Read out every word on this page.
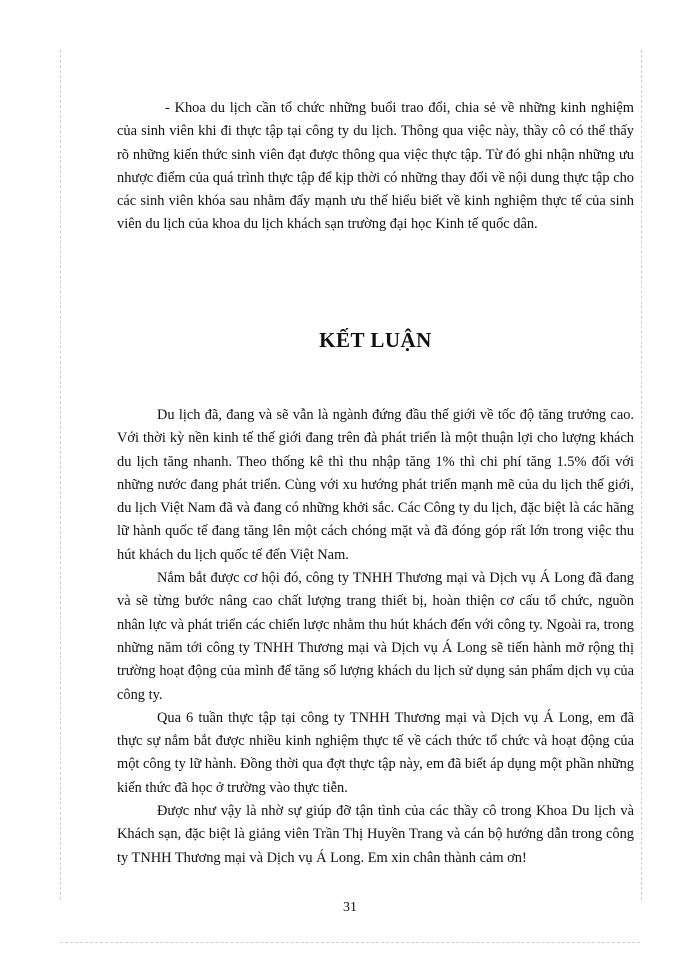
- Khoa du lịch cần tổ chức những buổi trao đổi, chia sẻ về những kinh nghiệm của sinh viên khi đi thực tập tại công ty du lịch. Thông qua việc này, thầy cô có thể thấy rõ những kiến thức sinh viên đạt được thông qua việc thực tập. Từ đó ghi nhận những ưu nhược điểm của quá trình thực tập để kịp thời có những thay đổi về nội dung thực tập cho các sinh viên khóa sau nhằm đẩy mạnh ưu thế hiểu biết về kinh nghiệm thực tế của sinh viên du lịch của khoa du lịch khách sạn trường đại học Kinh tế quốc dân.

KẾT LUẬN

Du lịch đã, đang và sẽ vẫn là ngành đứng đầu thế giới về tốc độ tăng trưởng cao. Với thời kỳ nền kinh tế thế giới đang trên đà phát triển là một thuận lợi cho lượng khách du lịch tăng nhanh. Theo thống kê thì thu nhập tăng 1% thì chi phí tăng 1.5% đối với những nước đang phát triển. Cùng với xu hướng phát triển mạnh mẽ của du lịch thế giới, du lịch Việt Nam đã và đang có những khởi sắc. Các Công ty du lịch, đặc biệt là các hãng lữ hành quốc tế đang tăng lên một cách chóng mặt và đã đóng góp rất lớn trong việc thu hút khách du lịch quốc tế đến Việt Nam.

Nắm bắt được cơ hội đó, công ty TNHH Thương mại và Dịch vụ Á Long đã đang và sẽ từng bước nâng cao chất lượng trang thiết bị, hoàn thiện cơ cấu tổ chức, nguồn nhân lực và phát triển các chiến lược nhằm thu hút khách đến với công ty. Ngoài ra, trong những năm tới công ty TNHH Thương mại và Dịch vụ Á Long sẽ tiến hành mở rộng thị trường hoạt động của mình để tăng số lượng khách du lịch sử dụng sản phẩm dịch vụ của công ty.

Qua 6 tuần thực tập tại công ty TNHH Thương mại và Dịch vụ Á Long, em đã thực sự nắm bắt được nhiều kinh nghiệm thực tế về cách thức tổ chức và hoạt động của một công ty lữ hành. Đồng thời qua đợt thực tập này, em đã biết áp dụng một phần những kiến thức đã học ở trường vào thực tiễn.

Được như vậy là nhờ sự giúp đỡ tận tình của các thầy cô trong Khoa Du lịch và Khách sạn, đặc biệt là giảng viên Trần Thị Huyền Trang và cán bộ hướng dẫn trong công ty TNHH Thương mại và Dịch vụ Á Long. Em xin chân thành cảm ơn!

31
